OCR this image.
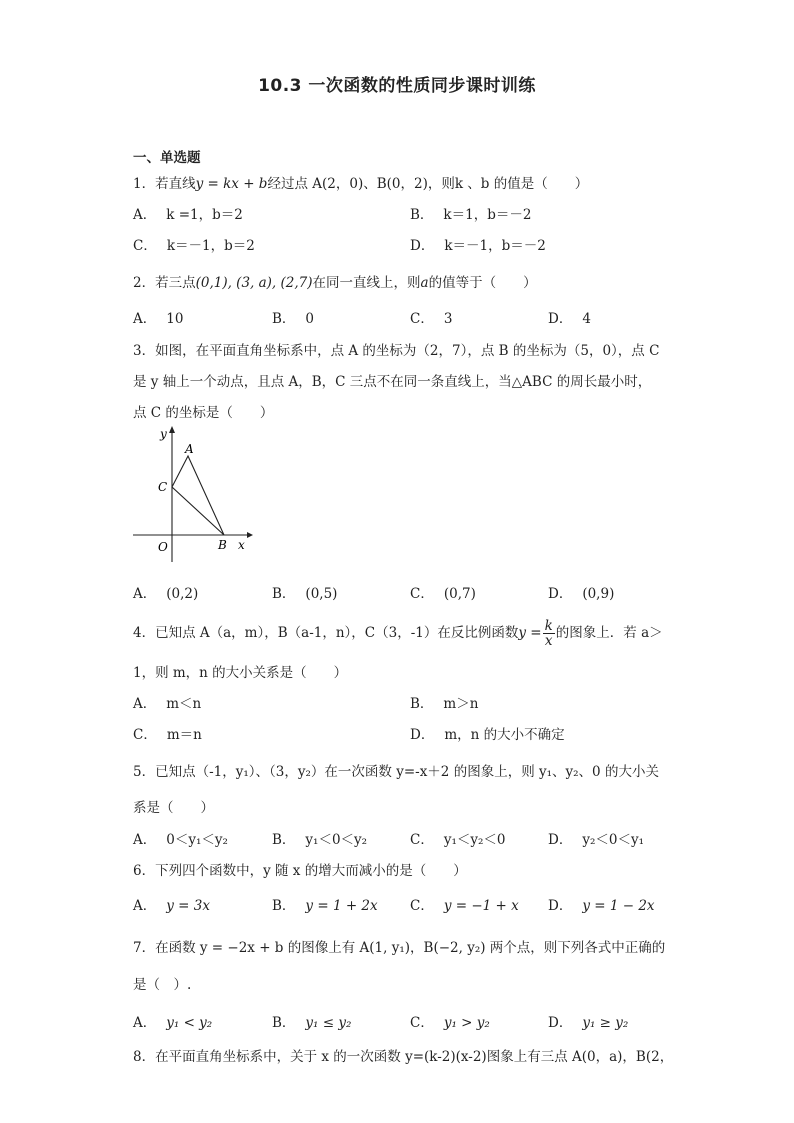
10.3 一次函数的性质同步课时训练
一、单选题
1．若直线y = kx + b经过点 A(2，0)、B(0，2)，则k 、b 的值是（　　）
A． k =1，b＝2	B． k＝1，b＝－2
C． k＝－1，b＝2	D． k＝－1，b＝－2
2．若三点(0,1), (3, a), (2,7)在同一直线上，则a的值等于（　　）
A． 10	B． 0	C． 3	D． 4
3．如图，在平面直角坐标系中，点 A 的坐标为（2，7），点 B 的坐标为（5，0），点 C
是 y 轴上一个动点，且点 A，B，C 三点不在同一条直线上，当△ABC 的周长最小时，
点 C 的坐标是（　　）
y
x
A
B
C
O
A． (0,2)	B． (0,5)	C． (0,7)	D． (0,9)
4．已知点 A（a，m），B（a-1，n），C（3，-1）在反比例函数$y = \frac{k}{x}$ 的图象上．若 a＞
1，则 m，n 的大小关系是（　　）
A． m＜n	B． m＞n
C． m＝n	D． m，n 的大小不确定
5．已知点（-1，y₁）、（3，y₂）在一次函数 y=-x＋2 的图象上，则 y₁、y₂、0 的大小关
系是（　　）
A． 0＜y₁＜y₂	B． y₁＜0＜y₂	C． y₁＜y₂＜0	D． y₂＜0＜y₁
6．下列四个函数中，y 随 x 的增大而减小的是（　　）
A． y = 3x	B． y = 1 + 2x C． y = −1 + x D． y = 1 − 2x
7．在函数 y = −2x + b 的图像上有 A(1, y₁)，B(−2, y₂) 两个点，则下列各式中正确的
是（　）.
A． y₁ < y₂	B． y₁ ≤ y₂	C． y₁ > y₂	D． y₁ ≥ y₂
8．在平面直角坐标系中，关于 x 的一次函数 y=(k-2)(x-2)图象上有三点 A(0，a)，B(2，
